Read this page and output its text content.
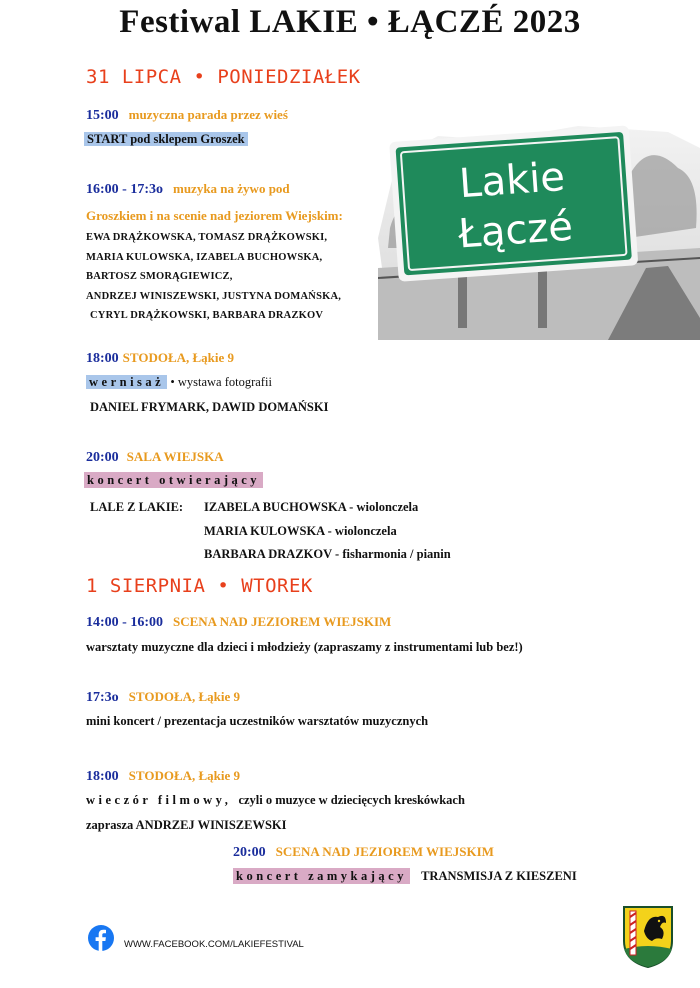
Festiwal LAKIE • ŁĄCZÉ 2023
Lakie
Łączé
31 LIPCA • PONIEDZIAŁEK
15:00 muzyczna parada przez wieś
START pod sklepem Groszek
16:00 - 17:3o muzyka na żywo pod
Groszkiem i na scenie nad jeziorem Wiejskim:
EWA DRĄŻKOWSKA, TOMASZ DRĄŻKOWSKI,
MARIA KULOWSKA, IZABELA BUCHOWSKA,
BARTOSZ SMORĄGIEWICZ,
ANDRZEJ WINISZEWSKI, JUSTYNA DOMAŃSKA,
CYRYL DRĄŻKOWSKI, BARBARA DRAZKOV
18:00 STODOŁA, Łąkie 9
wernisaż • wystawa fotografii
DANIEL FRYMARK, DAWID DOMAŃSKI
20:00 SALA WIEJSKA
koncert otwierający
LALE Z LAKIE: IZABELA BUCHOWSKA - wiolonczela
MARIA KULOWSKA - wiolonczela
BARBARA DRAZKOV - fisharmonia / pianin
1 SIERPNIA • WTOREK
14:00 - 16:00 SCENA NAD JEZIOREM WIEJSKIM
warsztaty muzyczne dla dzieci i młodzieży (zapraszamy z instrumentami lub bez!)
17:3o STODOŁA, Łąkie 9
mini koncert / prezentacja uczestników warsztatów muzycznych
18:00 STODOŁA, Łąkie 9
wieczór filmowy, czyli o muzyce w dziecięcych kreskówkach
zaprasza ANDRZEJ WINISZEWSKI
20:00 SCENA NAD JEZIOREM WIEJSKIM
koncert zamykający TRANSMISJA Z KIESZENI
WWW.FACEBOOK.COM/LAKIEFESTIVAL
